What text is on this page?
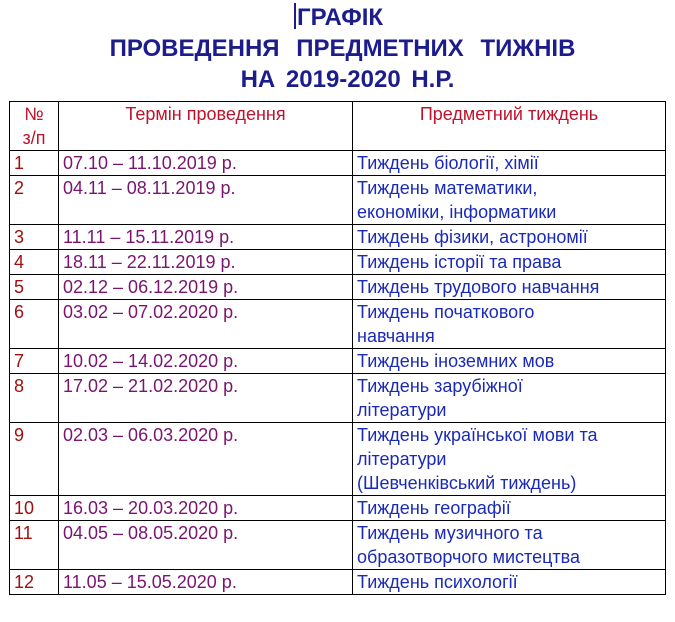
ГРАФІК
ПРОВЕДЕННЯ ПРЕДМЕТНИХ ТИЖНІВ
НА 2019-2020 Н.Р.
№
з/п	Термін проведення	Предметний тиждень
1	07.10 – 11.10.2019 р.	Тиждень біології, хімії
2	04.11 – 08.11.2019 р.	Тиждень математики,
економіки, інформатики

3	11.11 – 15.11.2019 р.	Тиждень фізики, астрономії
4	18.11 – 22.11.2019 р.	Тиждень історії та права
5	02.12 – 06.12.2019 р.	Тиждень трудового навчання
6	03.02 – 07.02.2020 р.	Тиждень початкового
навчання

7	10.02 – 14.02.2020 р.	Тиждень іноземних мов
8	17.02 – 21.02.2020 р.	Тиждень зарубіжної
літератури

9	02.03 – 06.03.2020 р.	Тиждень української мови та
літератури
(Шевченківський тиждень)

10	16.03 – 20.03.2020 р.	Тиждень географії
11	04.05 – 08.05.2020 р.	Тиждень музичного та
образотворчого мистецтва

12	11.05 – 15.05.2020 р.	Тиждень психології
